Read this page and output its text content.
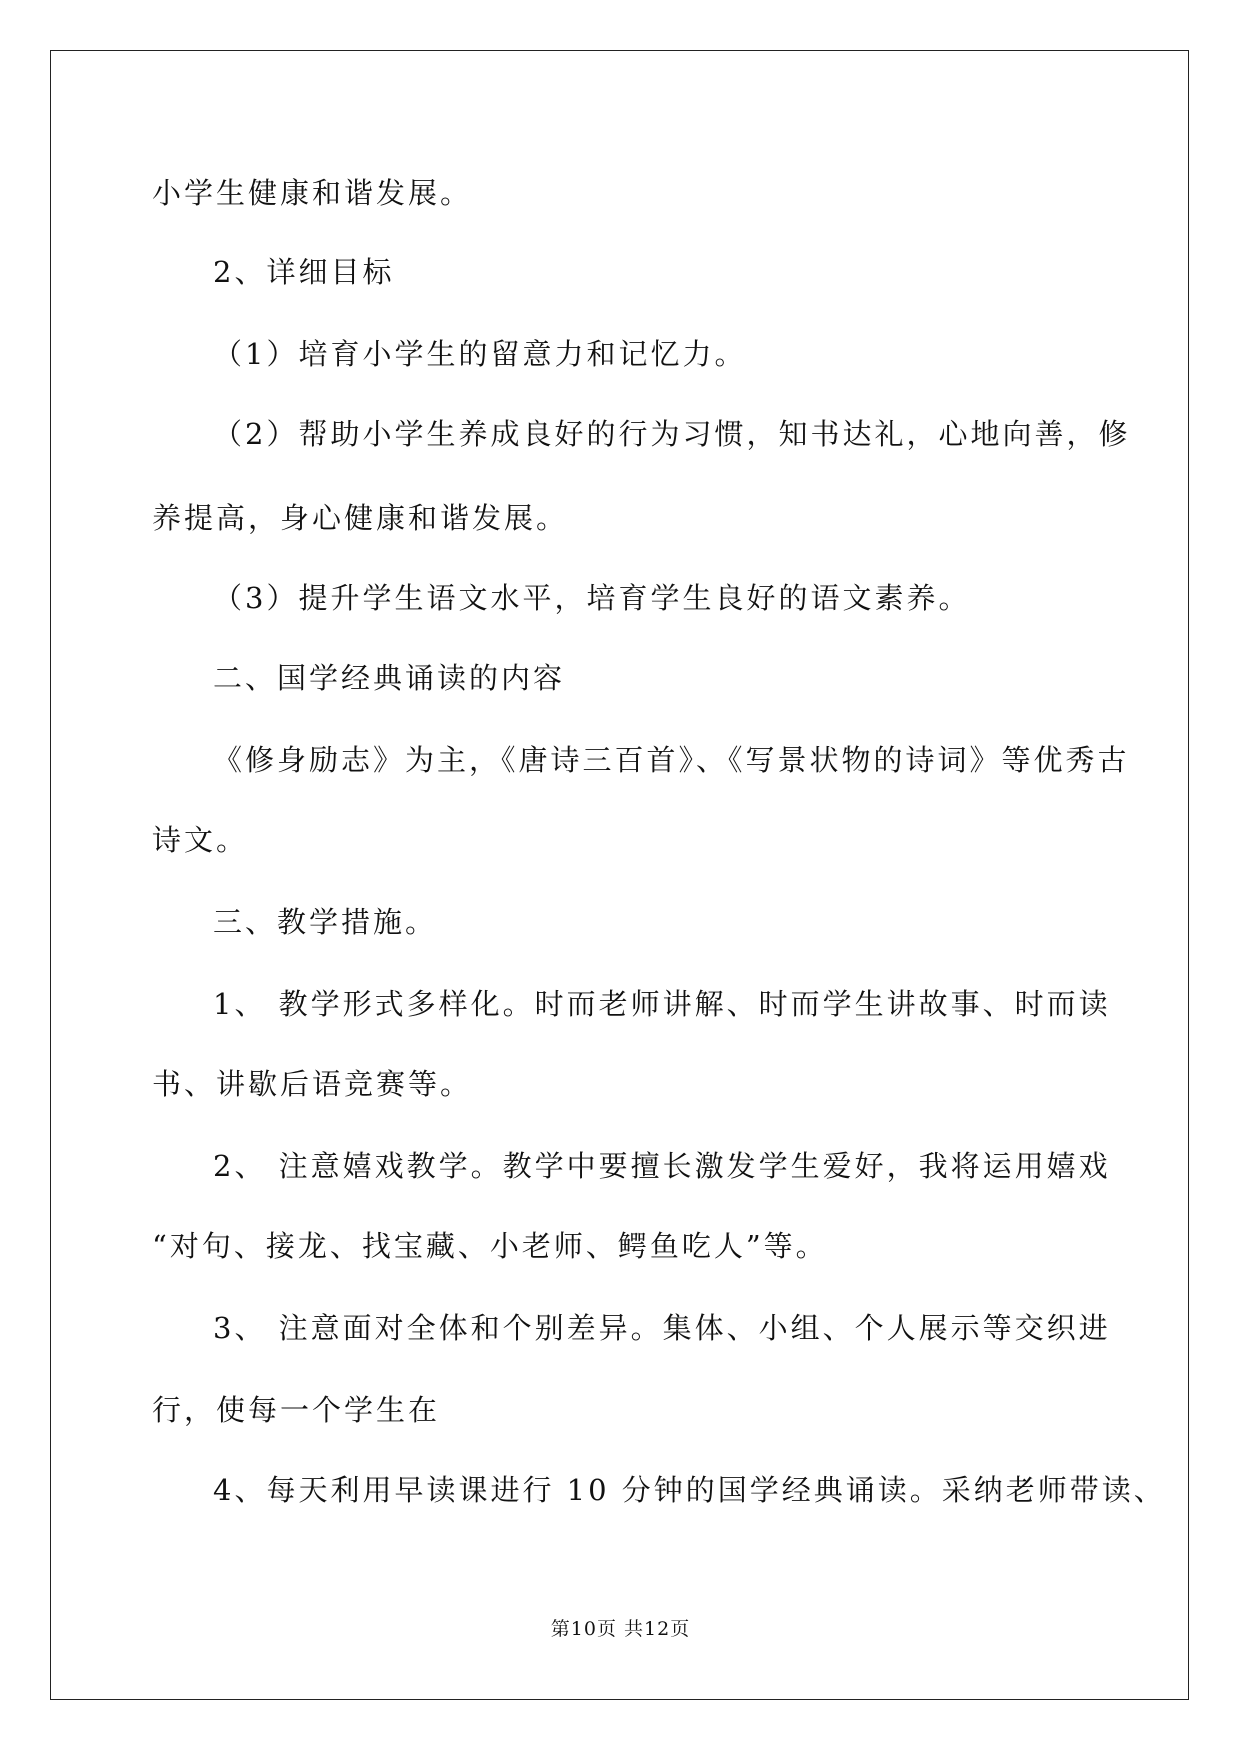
小学生健康和谐发展。
2、详细目标
（1）培育小学生的留意力和记忆力。
（2）帮助小学生养成良好的行为习惯，知书达礼，心地向善，修
养提高，身心健康和谐发展。
（3）提升学生语文水平，培育学生良好的语文素养。
二、国学经典诵读的内容
《修身励志》为主，《唐诗三百首》、《写景状物的诗词》等优秀古
诗文。
三、教学措施。
1、 教学形式多样化。时而老师讲解、时而学生讲故事、时而读
书、讲歇后语竞赛等。
2、 注意嬉戏教学。教学中要擅长激发学生爱好，我将运用嬉戏
“对句、接龙、找宝藏、小老师、鳄鱼吃人”等。
3、 注意面对全体和个别差异。集体、小组、个人展示等交织进
行，使每一个学生在
4、每天利用早读课进行 10 分钟的国学经典诵读。采纳老师带读、
第10页 共12页
